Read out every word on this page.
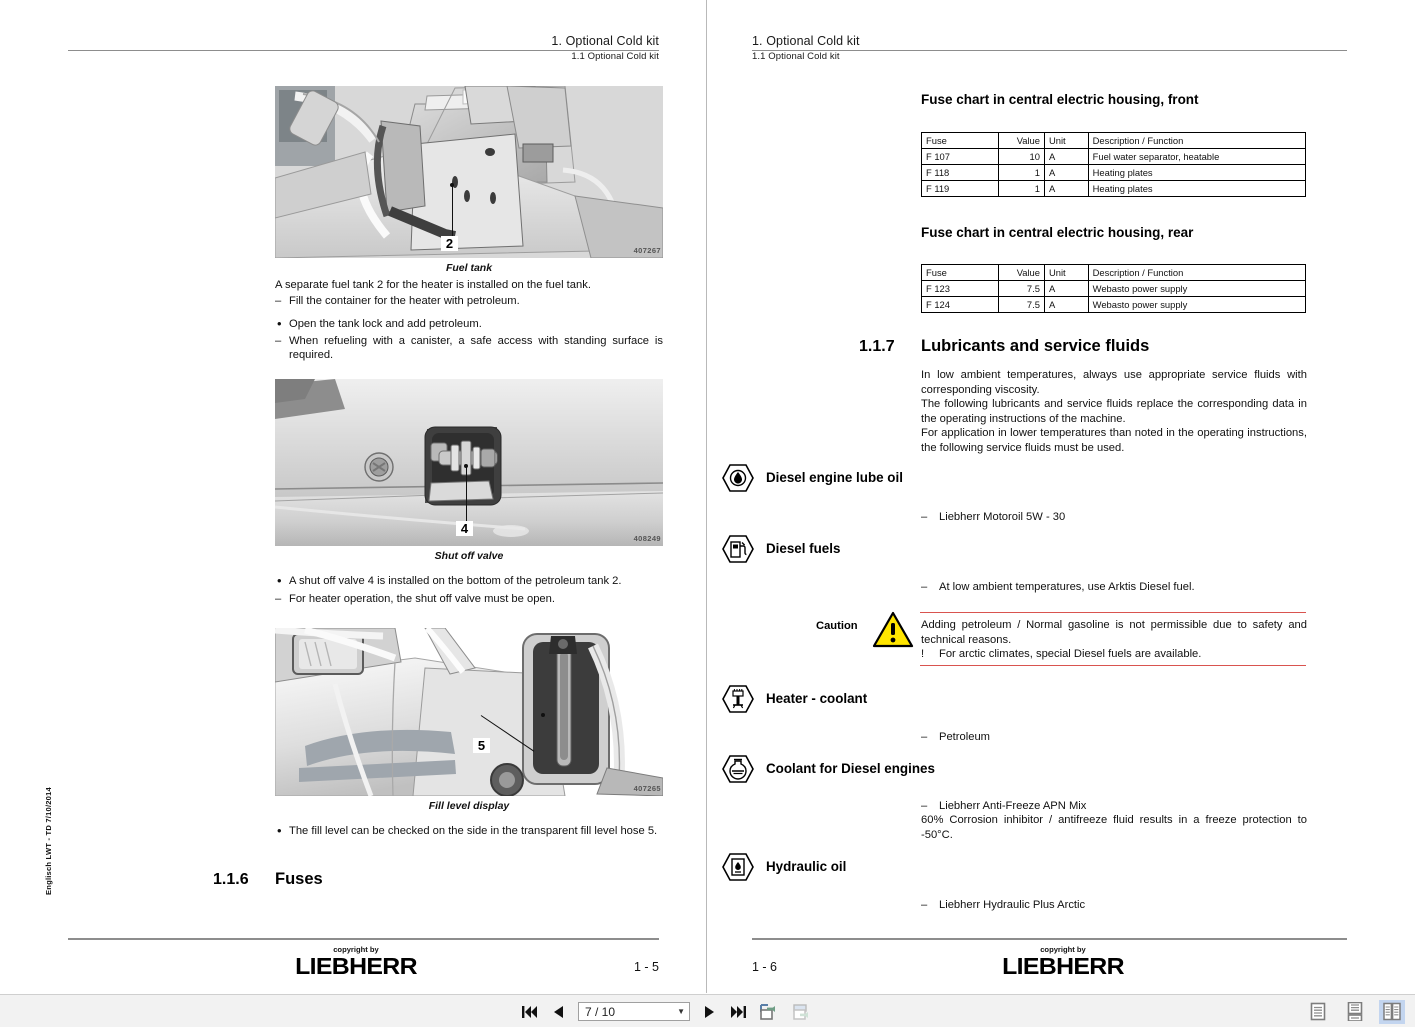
1. Optional Cold kit
1.1 Optional Cold kit
Englisch LWT - TD 7/10/2014
2	407267
Fuel tank
A separate fuel tank 2 for the heater is installed on the fuel tank.
– Fill the container for the heater with petroleum.
• Open the tank lock and add petroleum.
– When refueling with a canister, a safe access with standing surface is required.
4
408249
Shut off valve
• A shut off valve 4 is installed on the bottom of the petroleum tank 2.
– For heater operation, the shut off valve must be open.
5
407265
Fill level display
• The fill level can be checked on the side in the transparent fill level hose 5.
1.1.6 Fuses
copyright by
LIEBHERR	1 - 5
1. Optional Cold kit
1.1 Optional Cold kit
Fuse chart in central electric housing, front
Fuse	Value	Unit	Description / Function
F 107	10	A	Fuel water separator, heatable
F 118	1	A	Heating plates
F 119	1	A	Heating plates
Fuse chart in central electric housing, rear
Fuse	Value	Unit	Description / Function
F 123	7.5	A	Webasto power supply
F 124	7.5	A	Webasto power supply
1.1.7 Lubricants and service fluids
In low ambient temperatures, always use appropriate service fluids with corresponding viscosity.
The following lubricants and service fluids replace the corresponding data in the operating instructions of the machine.
For application in lower temperatures than noted in the operating instructions, the following service fluids must be used.
Diesel engine lube oil
– Liebherr Motoroil 5W - 30
Diesel fuels
– At low ambient temperatures, use Arktis Diesel fuel.
Caution	Adding petroleum / Normal gasoline is not permissible due to safety and technical reasons.
! For arctic climates, special Diesel fuels are available.
Heater - coolant
– Petroleum
Coolant for Diesel engines
– Liebherr Anti-Freeze APN Mix
60% Corrosion inhibitor / antifreeze fluid results in a freeze protection to -50°C.
Hydraulic oil
– Liebherr Hydraulic Plus Arctic
copyright by
LIEBHERR
1 - 6
7 / 10	▼
